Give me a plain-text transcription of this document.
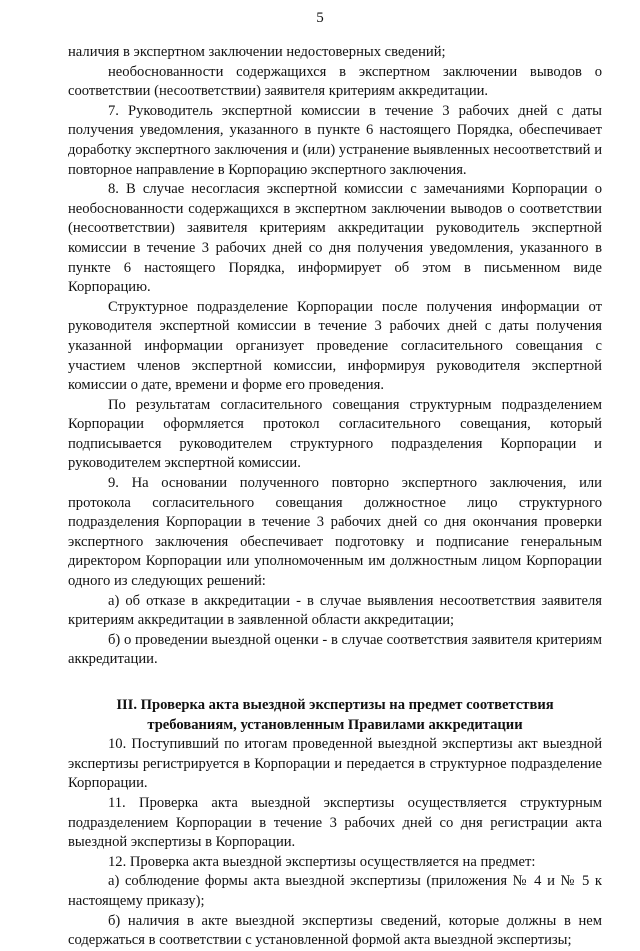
5

наличия в экспертном заключении недостоверных сведений;

необоснованности содержащихся в экспертном заключении выводов о соответствии (несоответствии) заявителя критериям аккредитации.

7. Руководитель экспертной комиссии в течение 3 рабочих дней с даты получения уведомления, указанного в пункте 6 настоящего Порядка, обеспечивает доработку экспертного заключения и (или) устранение выявленных несоответствий и повторное направление в Корпорацию экспертного заключения.

8. В случае несогласия экспертной комиссии с замечаниями Корпорации о необоснованности содержащихся в экспертном заключении выводов о соответствии (несоответствии) заявителя критериям аккредитации руководитель экспертной комиссии в течение 3 рабочих дней со дня получения уведомления, указанного в пункте 6 настоящего Порядка, информирует об этом в письменном виде Корпорацию.

Структурное подразделение Корпорации после получения информации от руководителя экспертной комиссии в течение 3 рабочих дней с даты получения указанной информации организует проведение согласительного совещания с участием членов экспертной комиссии, информируя руководителя экспертной комиссии о дате, времени и форме его проведения.

По результатам согласительного совещания структурным подразделением Корпорации оформляется протокол согласительного совещания, который подписывается руководителем структурного подразделения Корпорации и руководителем экспертной комиссии.

9. На основании полученного повторно экспертного заключения, или протокола согласительного совещания должностное лицо структурного подразделения Корпорации в течение 3 рабочих дней со дня окончания проверки экспертного заключения обеспечивает подготовку и подписание генеральным директором Корпорации или уполномоченным им должностным лицом Корпорации одного из следующих решений:

а) об отказе в аккредитации - в случае выявления несоответствия заявителя критериям аккредитации в заявленной области аккредитации;

б) о проведении выездной оценки - в случае соответствия заявителя критериям аккредитации.

III. Проверка акта выездной экспертизы на предмет соответствия
требованиям, установленным Правилами аккредитации

10. Поступивший по итогам проведенной выездной экспертизы акт выездной экспертизы регистрируется в Корпорации и передается в структурное подразделение Корпорации.

11. Проверка акта выездной экспертизы осуществляется структурным подразделением Корпорации в течение 3 рабочих дней со дня регистрации акта выездной экспертизы в Корпорации.

12. Проверка акта выездной экспертизы осуществляется на предмет:

а) соблюдение формы акта выездной экспертизы (приложения № 4 и № 5 к настоящему приказу);

б) наличия в акте выездной экспертизы сведений, которые должны в нем содержаться в соответствии с установленной формой акта выездной экспертизы;
